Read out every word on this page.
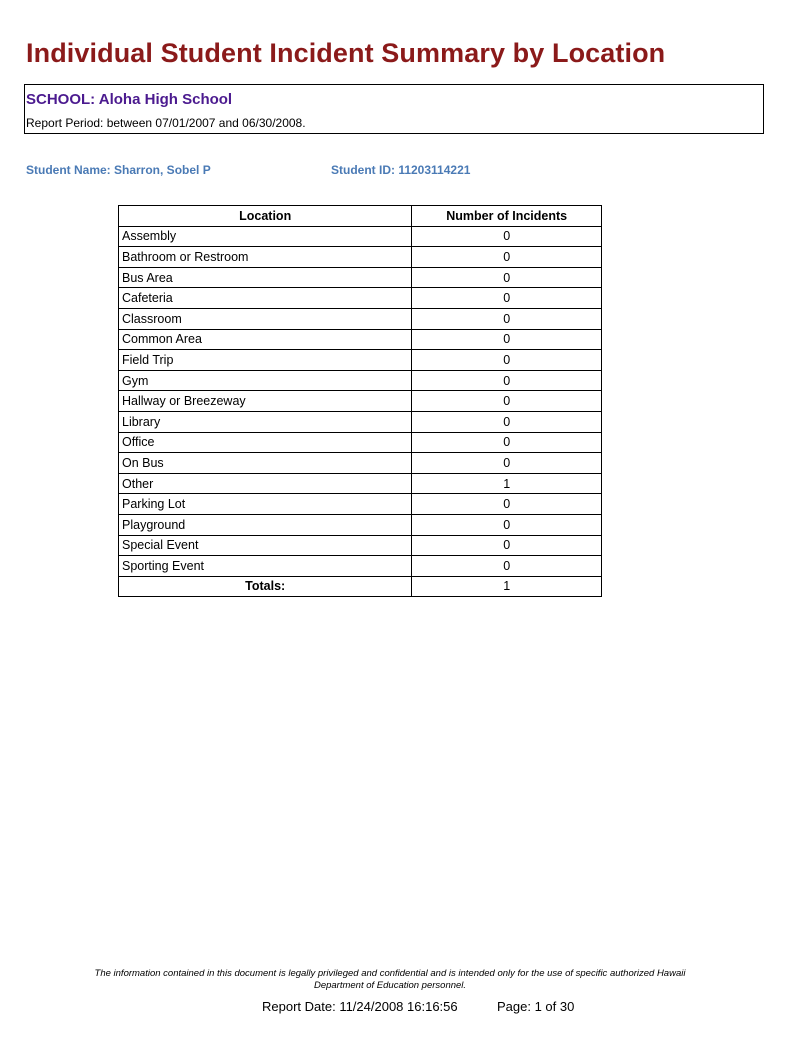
Individual Student Incident Summary by Location
SCHOOL: Aloha High School
Report Period: between 07/01/2007 and 06/30/2008.
Student Name: Sharron, Sobel P	Student ID: 11203114221
Location	Number of Incidents
Assembly	0
Bathroom or Restroom	0
Bus Area	0
Cafeteria	0
Classroom	0
Common Area	0
Field Trip	0
Gym	0
Hallway or Breezeway	0
Library	0
Office	0
On Bus	0
Other	1
Parking Lot	0
Playground	0
Special Event	0
Sporting Event	0
Totals:	1
The information contained in this document is legally privileged and confidential and is intended only for the use of specific authorized Hawaii
Department of Education personnel.
Report Date: 11/24/2008 16:16:56	Page: 1 of 30
